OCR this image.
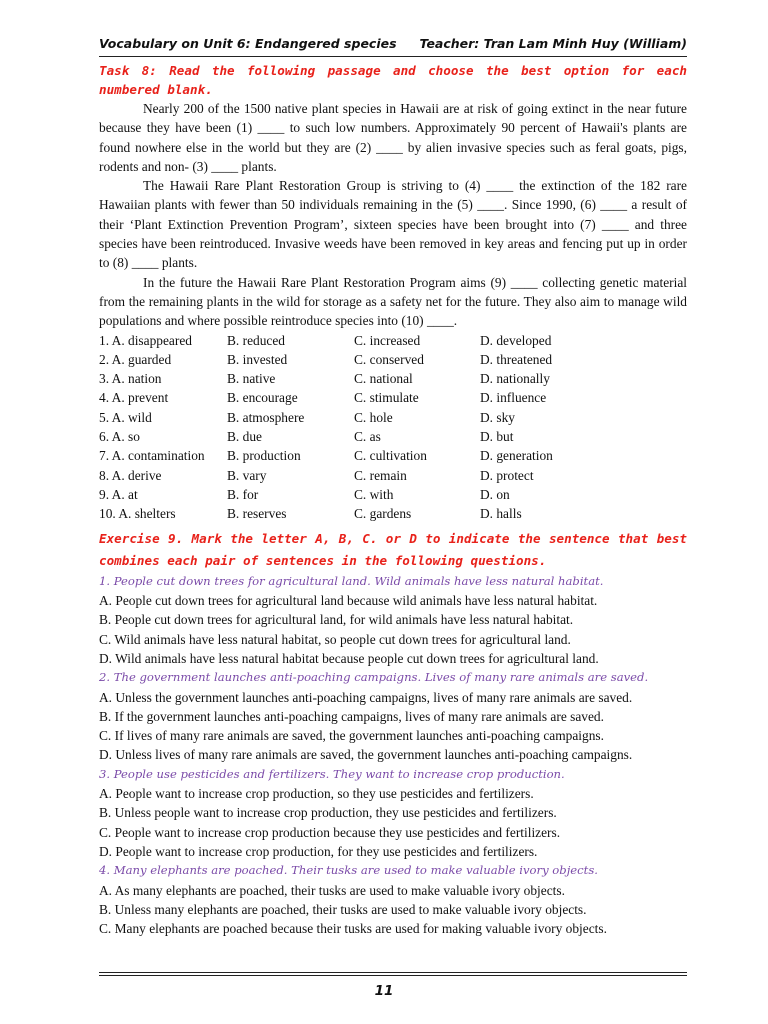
Vocabulary on Unit 6: Endangered species Teacher: Tran Lam Minh Huy (William)
Task 8: Read the following passage and choose the best option for each numbered blank.

Nearly 200 of the 1500 native plant species in Hawaii are at risk of going extinct in the near future because they have been (1) ____ to such low numbers. Approximately 90 percent of Hawaii's plants are found nowhere else in the world but they are (2) ____ by alien invasive species such as feral goats, pigs, rodents and non- (3) ____ plants.

The Hawaii Rare Plant Restoration Group is striving to (4) ____ the extinction of the 182 rare Hawaiian plants with fewer than 50 individuals remaining in the (5) ____. Since 1990, (6) ____ a result of their ‘Plant Extinction Prevention Program’, sixteen species have been brought into (7) ____ and three species have been reintroduced. Invasive weeds have been removed in key areas and fencing put up in order to (8) ____ plants.

In the future the Hawaii Rare Plant Restoration Program aims (9) ____ collecting genetic material from the remaining plants in the wild for storage as a safety net for the future. They also aim to manage wild populations and where possible reintroduce species into (10) ____.

1. A. disappeared	B. reduced	C. increased	D. developed
2. A. guarded	B. invested	C. conserved	D. threatened
3. A. nation	B. native	C. national	D. nationally
4. A. prevent	B. encourage	C. stimulate	D. influence
5. A. wild	B. atmosphere	C. hole	D. sky
6. A. so	B. due	C. as	D. but
7. A. contamination	B. production	C. cultivation	D. generation
8. A. derive	B. vary	C. remain	D. protect
9. A. at	B. for	C. with	D. on
10. A. shelters	B. reserves	C. gardens	D. halls
Exercise 9. Mark the letter A, B, C. or D to indicate the sentence that best combines each pair of sentences in the following questions.
1. People cut down trees for agricultural land. Wild animals have less natural habitat.
A. People cut down trees for agricultural land because wild animals have less natural habitat.
B. People cut down trees for agricultural land, for wild animals have less natural habitat.
C. Wild animals have less natural habitat, so people cut down trees for agricultural land.
D. Wild animals have less natural habitat because people cut down trees for agricultural land.
2. The government launches anti-poaching campaigns. Lives of many rare animals are saved.
A. Unless the government launches anti-poaching campaigns, lives of many rare animals are saved.
B. If the government launches anti-poaching campaigns, lives of many rare animals are saved.
C. If lives of many rare animals are saved, the government launches anti-poaching campaigns.
D. Unless lives of many rare animals are saved, the government launches anti-poaching campaigns.
3. People use pesticides and fertilizers. They want to increase crop production.
A. People want to increase crop production, so they use pesticides and fertilizers.
B. Unless people want to increase crop production, they use pesticides and fertilizers.
C. People want to increase crop production because they use pesticides and fertilizers.
D. People want to increase crop production, for they use pesticides and fertilizers.
4. Many elephants are poached. Their tusks are used to make valuable ivory objects.
A. As many elephants are poached, their tusks are used to make valuable ivory objects.
B. Unless many elephants are poached, their tusks are used to make valuable ivory objects.
C. Many elephants are poached because their tusks are used for making valuable ivory objects.
11
